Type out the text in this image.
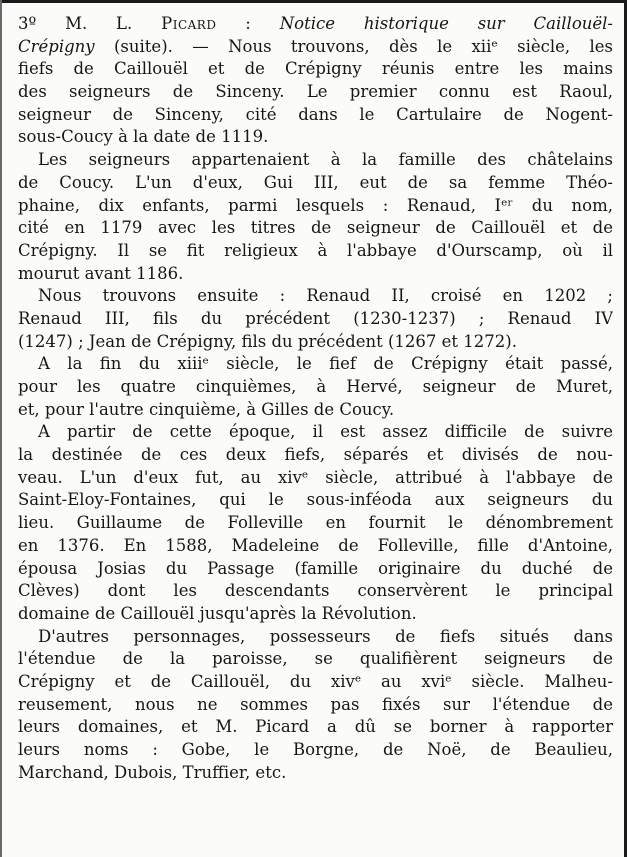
3º M. L. Picard : Notice historique sur Caillouël-
Crépigny (suite). — Nous trouvons, dès le xiiᵉ siècle, les
fiefs de Caillouël et de Crépigny réunis entre les mains
des seigneurs de Sinceny. Le premier connu est Raoul,
seigneur de Sinceny, cité dans le Cartulaire de Nogent-
sous-Coucy à la date de 1119.
Les seigneurs appartenaient à la famille des châtelains
de Coucy. L'un d'eux, Gui III, eut de sa femme Théo-
phaine, dix enfants, parmi lesquels : Renaud, Iᵉʳ du nom,
cité en 1179 avec les titres de seigneur de Caillouël et de
Crépigny. Il se fit religieux à l'abbaye d'Ourscamp, où il
mourut avant 1186.
Nous trouvons ensuite : Renaud II, croisé en 1202 ;
Renaud III, fils du précédent (1230-1237) ; Renaud IV
(1247) ; Jean de Crépigny, fils du précédent (1267 et 1272).
A la fin du xiiiᵉ siècle, le fief de Crépigny était passé,
pour les quatre cinquièmes, à Hervé, seigneur de Muret,
et, pour l'autre cinquième, à Gilles de Coucy.
A partir de cette époque, il est assez difficile de suivre
la destinée de ces deux fiefs, séparés et divisés de nou-
veau. L'un d'eux fut, au xivᵉ siècle, attribué à l'abbaye de
Saint-Eloy-Fontaines, qui le sous-inféoda aux seigneurs du
lieu. Guillaume de Folleville en fournit le dénombrement
en 1376. En 1588, Madeleine de Folleville, fille d'Antoine,
épousa Josias du Passage (famille originaire du duché de
Clèves) dont les descendants conservèrent le principal
domaine de Caillouël jusqu'après la Révolution.
D'autres personnages, possesseurs de fiefs situés dans
l'étendue de la paroisse, se qualifièrent seigneurs de
Crépigny et de Caillouël, du xivᵉ au xviᵉ siècle. Malheu-
reusement, nous ne sommes pas fixés sur l'étendue de
leurs domaines, et M. Picard a dû se borner à rapporter
leurs noms : Gobe, le Borgne, de Noë, de Beaulieu,
Marchand, Dubois, Truffier, etc.
